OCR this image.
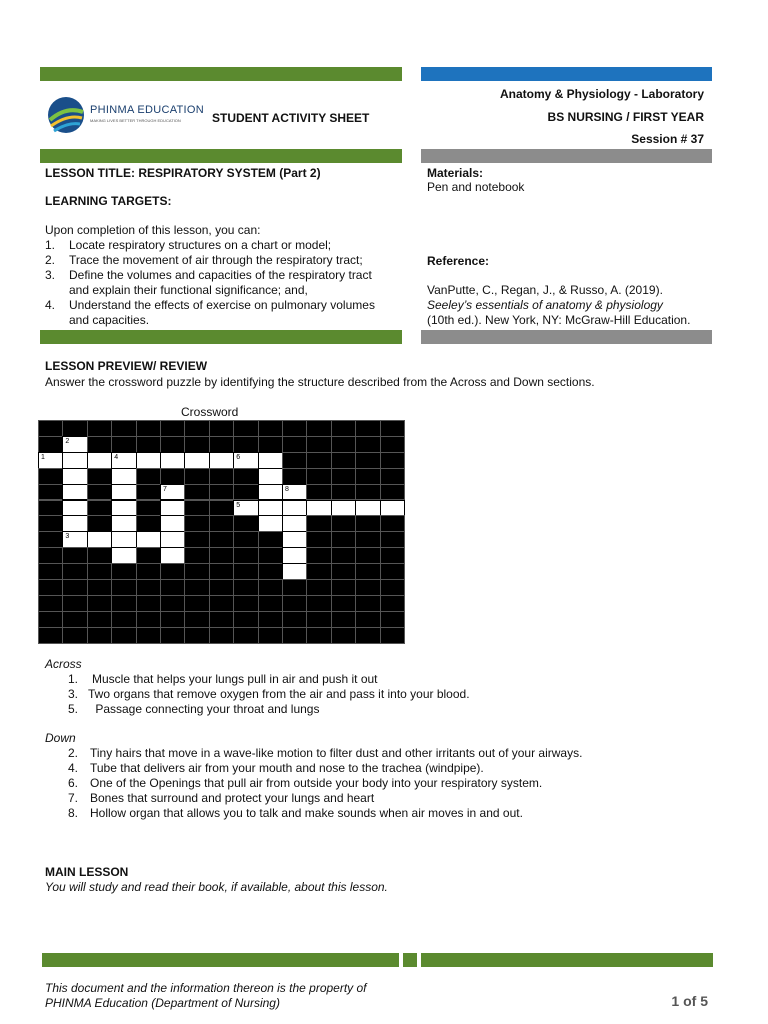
PHINMA EDUCATION
MAKING LIVES BETTER THROUGH EDUCATION	STUDENT ACTIVITY SHEET
Anatomy & Physiology - Laboratory
BS NURSING / FIRST YEAR
Session # 37
LESSON TITLE: RESPIRATORY SYSTEM (Part 2)
LEARNING TARGETS:
Upon completion of this lesson, you can:
1. Locate respiratory structures on a chart or model;
2. Trace the movement of air through the respiratory tract;
3. Define the volumes and capacities of the respiratory tract
and explain their functional significance; and,
4. Understand the effects of exercise on pulmonary volumes
and capacities.
Materials:
Pen and notebook
Reference:
VanPutte, C., Regan, J., & Russo, A. (2019).
Seeley’s essentials of anatomy & physiology
(10th ed.). New York, NY: McGraw-Hill Education.
LESSON PREVIEW/ REVIEW
Answer the crossword puzzle by identifying the structure described from the Across and Down sections.
Crossword
2
1	4	6
7	8
5
3
Across
1. Muscle that helps your lungs pull in air and push it out
3. Two organs that remove oxygen from the air and pass it into your blood.
5. Passage connecting your throat and lungs
Down
2. Tiny hairs that move in a wave-like motion to filter dust and other irritants out of your airways.
4. Tube that delivers air from your mouth and nose to the trachea (windpipe).
6. One of the Openings that pull air from outside your body into your respiratory system.
7. Bones that surround and protect your lungs and heart
8. Hollow organ that allows you to talk and make sounds when air moves in and out.
MAIN LESSON
You will study and read their book, if available, about this lesson.
This document and the information thereon is the property of
PHINMA Education (Department of Nursing)	1 of 5
